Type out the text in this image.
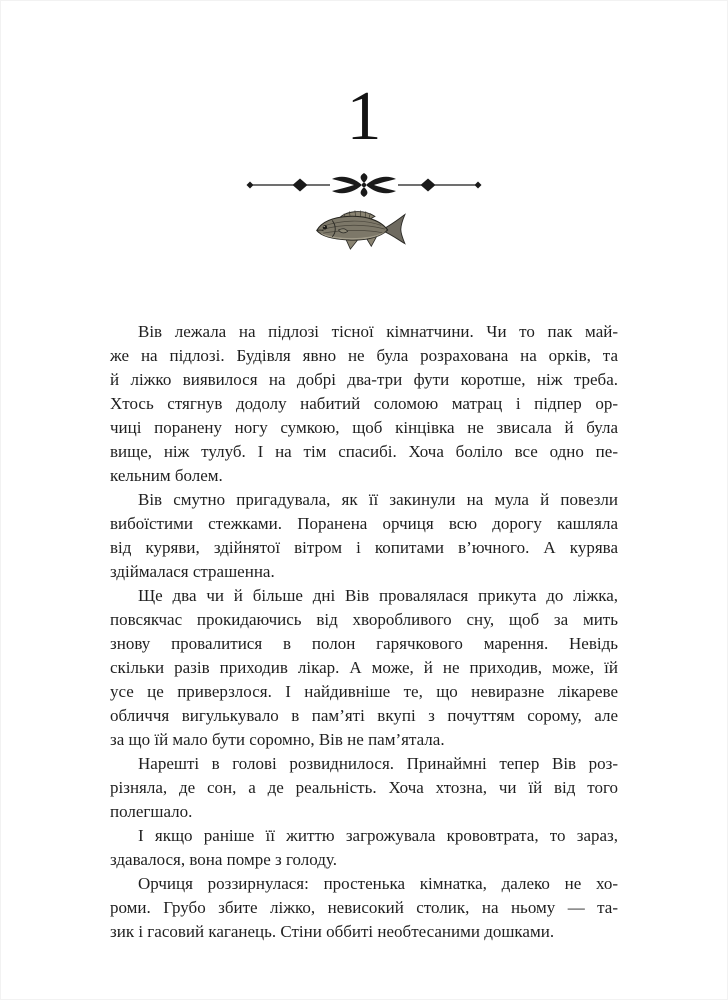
1
Вів лежала на підлозі тісної кімнатчини. Чи то пак май-
же на підлозі. Будівля явно не була розрахована на орків, та
й ліжко виявилося на добрі два-три фути коротше, ніж треба.
Хтось стягнув додолу набитий соломою матрац і підпер ор-
чиці поранену ногу сумкою, щоб кінцівка не звисала й була
вище, ніж тулуб. І на тім спасибі. Хоча боліло все одно пе-
кельним болем.
Вів смутно пригадувала, як її закинули на мула й повезли
вибоїстими стежками. Поранена орчиця всю дорогу кашляла
від куряви, здійнятої вітром і копитами в’ючного. А курява
здіймалася страшенна.
Ще два чи й більше дні Вів провалялася прикута до ліжка,
повсякчас прокидаючись від хворобливого сну, щоб за мить
знову провалитися в полон гарячкового марення. Невідь
скільки разів приходив лікар. А може, й не приходив, може, їй
усе це приверзлося. І найдивніше те, що невиразне лікареве
обличчя вигулькувало в пам’яті вкупі з почуттям сорому, але
за що їй мало бути соромно, Вів не пам’ятала.
Нарешті в голові розвиднилося. Принаймні тепер Вів роз-
різняла, де сон, а де реальність. Хоча хтозна, чи їй від того
полегшало.
І якщо раніше її життю загрожувала крововтрата, то зараз,
здавалося, вона помре з голоду.
Орчиця роззирнулася: простенька кімнатка, далеко не хо-
роми. Грубо збите ліжко, невисокий столик, на ньому — та-
зик і гасовий каганець. Стіни оббиті необтесаними дошками.
